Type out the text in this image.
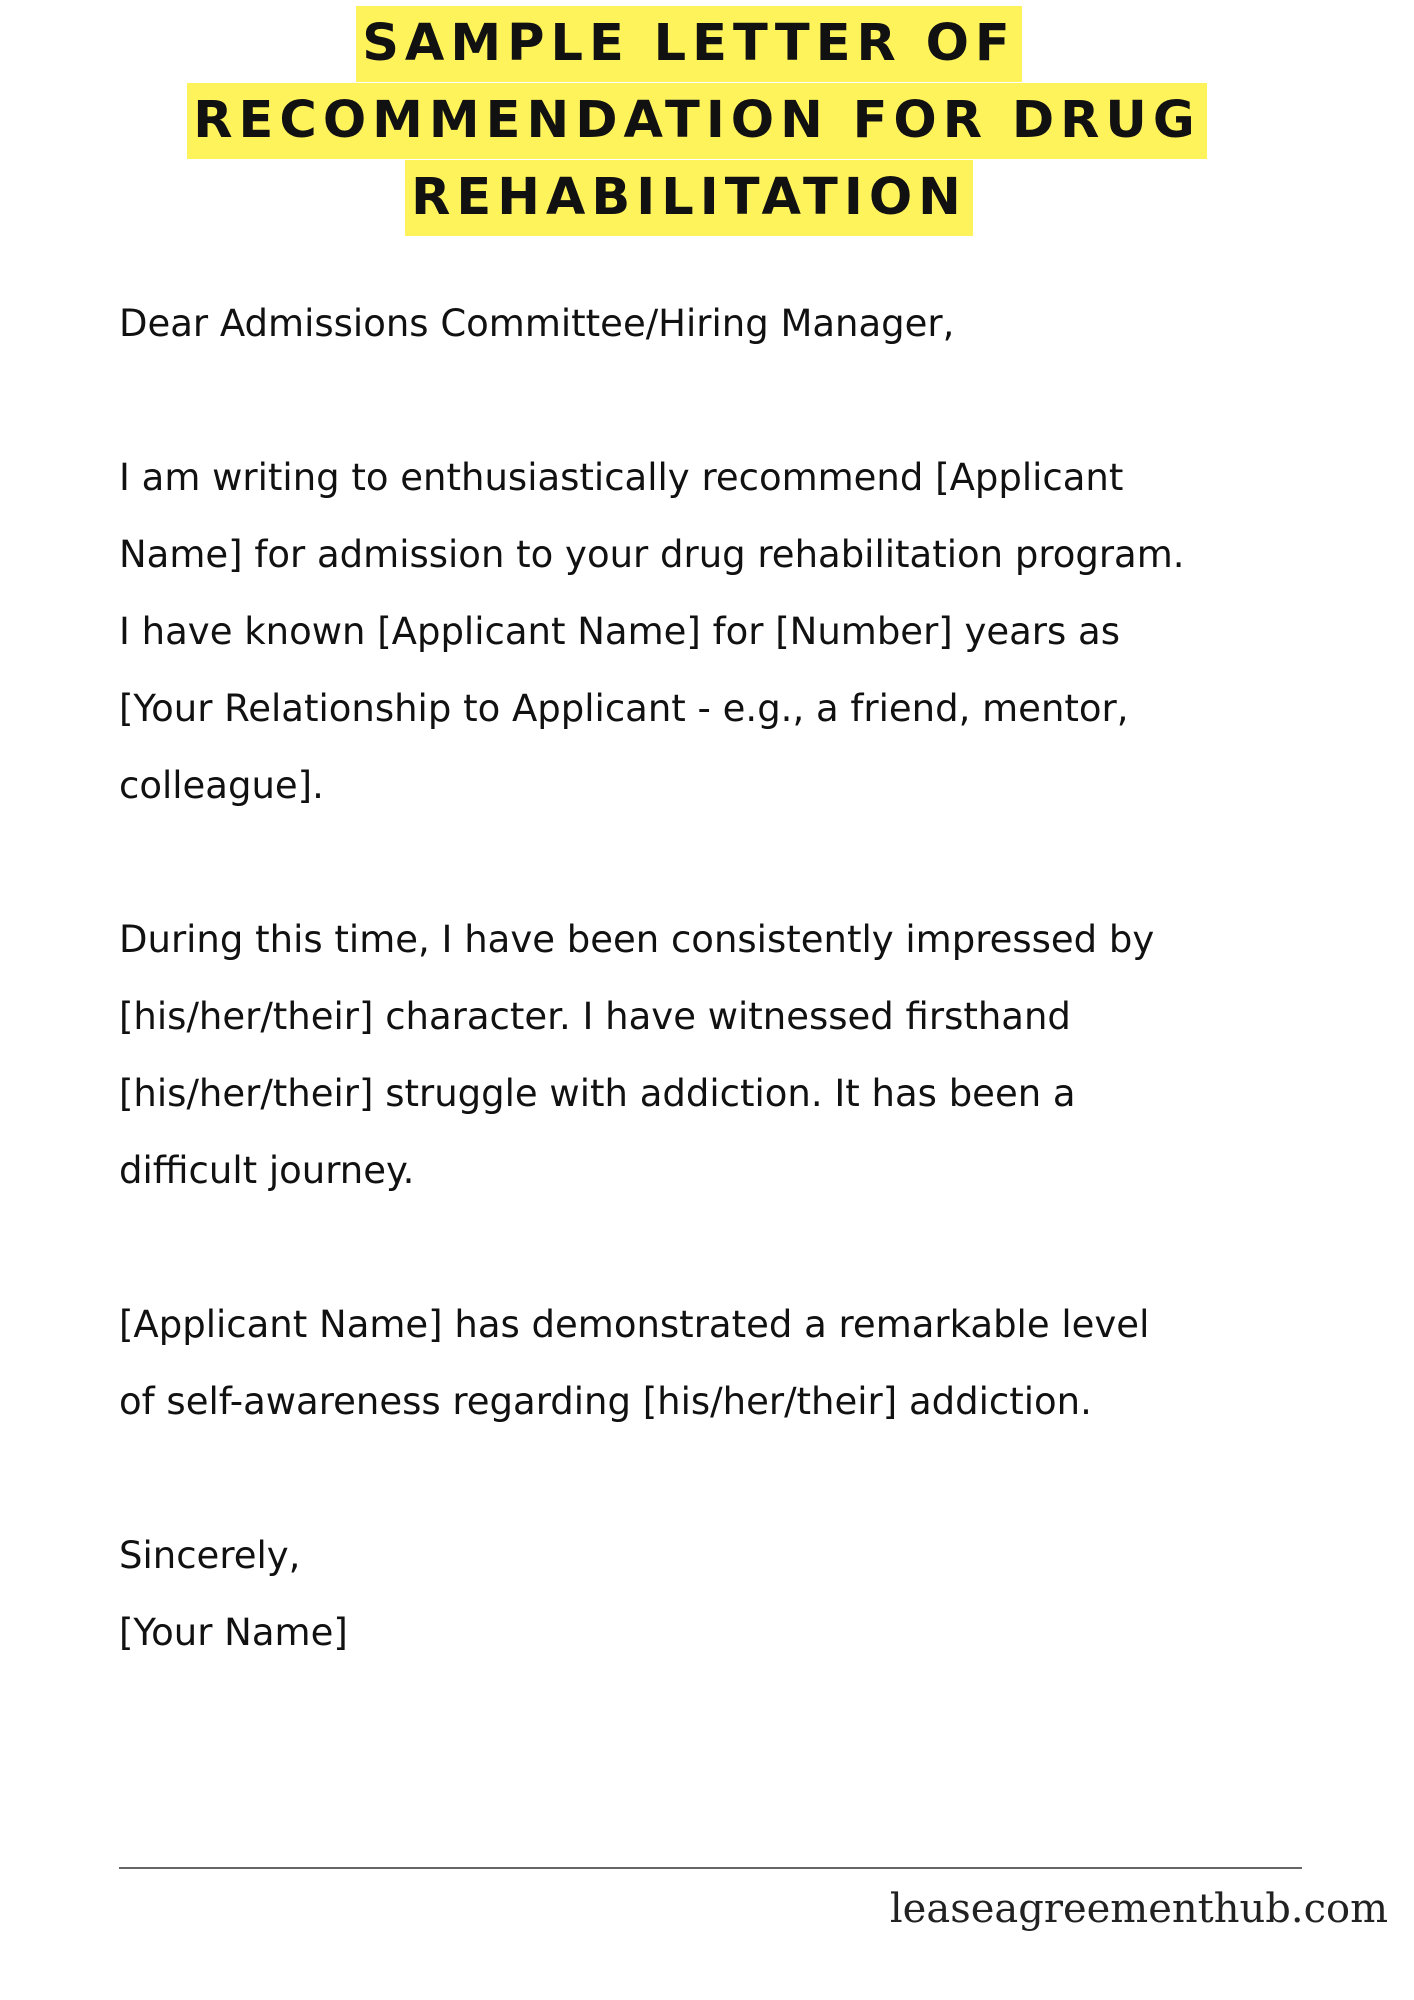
SAMPLE LETTER OF
RECOMMENDATION FOR DRUG
REHABILITATION

Dear Admissions Committee/Hiring Manager,

I am writing to enthusiastically recommend [Applicant

Name] for admission to your drug rehabilitation program.

I have known [Applicant Name] for [Number] years as

[Your Relationship to Applicant - e.g., a friend, mentor,

colleague].

During this time, I have been consistently impressed by

[his/her/their] character. I have witnessed firsthand

[his/her/their] struggle with addiction. It has been a

difficult journey.

[Applicant Name] has demonstrated a remarkable level

of self-awareness regarding [his/her/their] addiction.

Sincerely,

[Your Name]

leaseagreementhub.com
